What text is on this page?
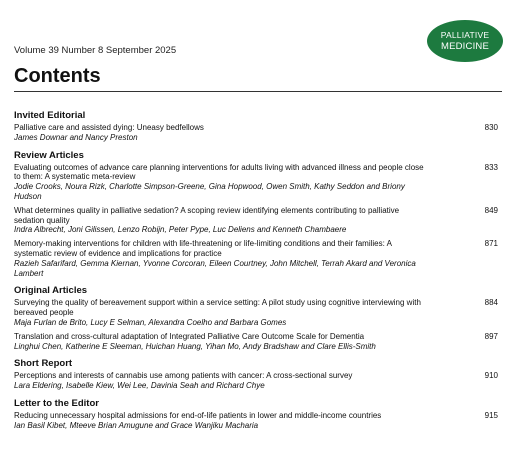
PALLIATIVE
MEDICINE
Volume 39 Number 8 September 2025
Contents
Invited Editorial
Palliative care and assisted dying: Uneasy bedfellows
James Downar and Nancy Preston
830
Review Articles
Evaluating outcomes of advance care planning interventions for adults living with advanced illness and people close to them: A systematic meta-review
Jodie Crooks, Noura Rizk, Charlotte Simpson-Greene, Gina Hopwood, Owen Smith, Kathy Seddon and Briony Hudson
833
What determines quality in palliative sedation? A scoping review identifying elements contributing to palliative sedation quality
Indra Albrecht, Joni Gilissen, Lenzo Robijn, Peter Pype, Luc Deliens and Kenneth Chambaere
849
Memory-making interventions for children with life-threatening or life-limiting conditions and their families: A systematic review of evidence and implications for practice
Razieh Safarifard, Gemma Kiernan, Yvonne Corcoran, Eileen Courtney, John Mitchell, Terrah Akard and Veronica Lambert
871
Original Articles
Surveying the quality of bereavement support within a service setting: A pilot study using cognitive interviewing with bereaved people
Maja Furlan de Brito, Lucy E Selman, Alexandra Coelho and Barbara Gomes
884
Translation and cross-cultural adaptation of Integrated Palliative Care Outcome Scale for Dementia
Linghui Chen, Katherine E Sleeman, Huichan Huang, Yihan Mo, Andy Bradshaw and Clare Ellis-Smith
897
Short Report
Perceptions and interests of cannabis use among patients with cancer: A cross-sectional survey
Lara Eldering, Isabelle Kiew, Wei Lee, Davinia Seah and Richard Chye
910
Letter to the Editor
Reducing unnecessary hospital admissions for end-of-life patients in lower and middle-income countries
Ian Basil Kibet, Mteeve Brian Amugune and Grace Wanjiku Macharia
915
